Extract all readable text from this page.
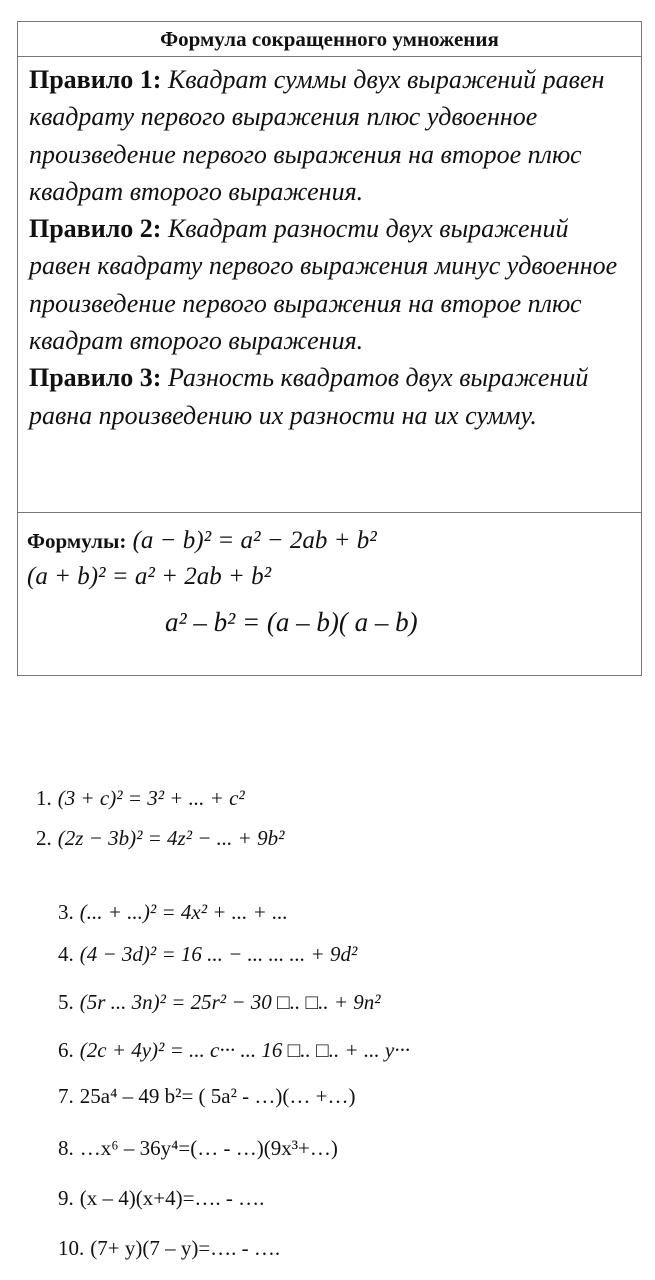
Формула сокращенного умножения
Правило 1: Квадрат суммы двух выражений равен квадрату первого выражения плюс удвоенное произведение первого выражения на второе плюс квадрат второго выражения.
Правило 2: Квадрат разности двух выражений равен квадрату первого выражения минус удвоенное произведение первого выражения на второе плюс квадрат второго выражения.
Правило 3: Разность квадратов двух выражений равна произведению их разности на их сумму.
Формулы: (a − b)² = a² − 2ab + b²
(a + b)² = a² + 2ab + b²
a² – b² = (a – b)( a – b)
1. (3 + c)² = 3² + ... + c²
2. (2z − 3b)² = 4z² − ... + 9b²
3. (... + ...)² = 4x² + ... + ...
4. (4 − 3d)² = 16 ... − ... ... ... + 9d²
5. (5r ... 3n)² = 25r² − 30 □.. □.. + 9n²
6. (2c + 4y)² = ... c··· ... 16 □.. □.. + ... y···
7. 25a⁴ – 49 b²= ( 5a² - …)(… +…)
8. …x⁶ – 36y⁴=(… - …)(9x³+…)
9. (x – 4)(x+4)=…. - ….
10. (7+ y)(7 – y)=…. - ….
